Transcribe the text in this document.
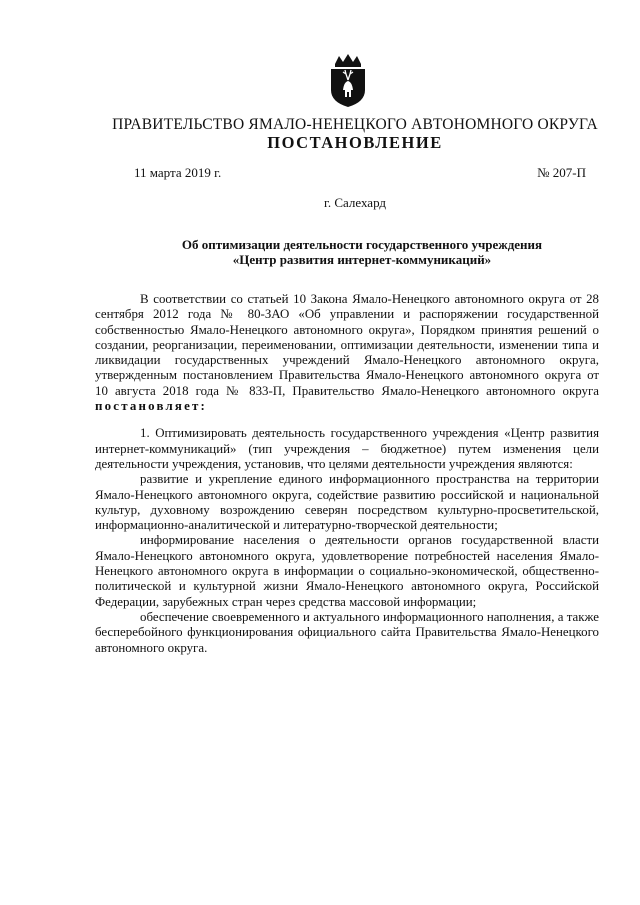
ПРАВИТЕЛЬСТВО ЯМАЛО-НЕНЕЦКОГО АВТОНОМНОГО ОКРУГА
ПОСТАНОВЛЕНИЕ
11 марта 2019 г.	№ 207-П
г. Салехард
Об оптимизации деятельности государственного учреждения
«Центр развития интернет-коммуникаций»

В соответствии со статьей 10 Закона Ямало-Ненецкого автономного округа от 28 сентября 2012 года № 80-ЗАО «Об управлении и распоряжении государственной собственностью Ямало-Ненецкого автономного округа», Порядком принятия решений о создании, реорганизации, переименовании, оптимизации деятельности, изменении типа и ликвидации государственных учреждений Ямало-Ненецкого автономного округа, утвержденным постановлением Правительства Ямало-Ненецкого автономного округа от 10 августа 2018 года № 833-П, Правительство Ямало-Ненецкого автономного округа постановляет:

1. Оптимизировать деятельность государственного учреждения «Центр развития интернет-коммуникаций» (тип учреждения – бюджетное) путем изменения цели деятельности учреждения, установив, что целями деятельности учреждения являются:

развитие и укрепление единого информационного пространства на территории Ямало-Ненецкого автономного округа, содействие развитию российской и национальной культур, духовному возрождению северян посредством культурно-просветительской, информационно-аналитической и литературно-творческой деятельности;

информирование населения о деятельности органов государственной власти Ямало-Ненецкого автономного округа, удовлетворение потребностей населения Ямало-Ненецкого автономного округа в информации о социально-экономической, общественно-политической и культурной жизни Ямало-Ненецкого автономного округа, Российской Федерации, зарубежных стран через средства массовой информации;

обеспечение своевременного и актуального информационного наполнения, а также бесперебойного функционирования официального сайта Правительства Ямало-Ненецкого автономного округа.
